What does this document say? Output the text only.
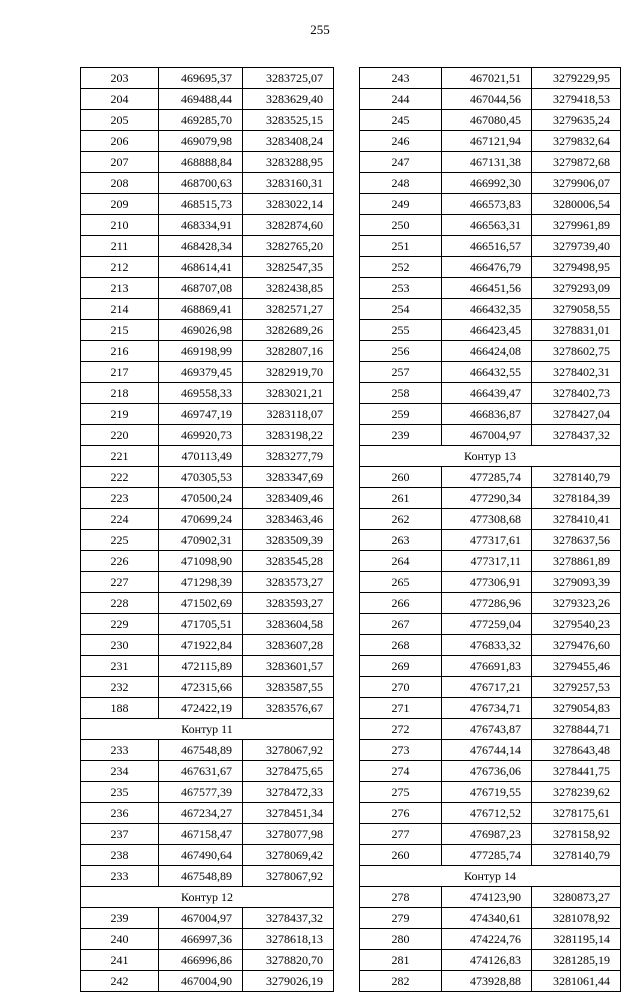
255
203	469695,37	3283725,07
204	469488,44	3283629,40
205	469285,70	3283525,15
206	469079,98	3283408,24
207	468888,84	3283288,95
208	468700,63	3283160,31
209	468515,73	3283022,14
210	468334,91	3282874,60
211	468428,34	3282765,20
212	468614,41	3282547,35
213	468707,08	3282438,85
214	468869,41	3282571,27
215	469026,98	3282689,26
216	469198,99	3282807,16
217	469379,45	3282919,70
218	469558,33	3283021,21
219	469747,19	3283118,07
220	469920,73	3283198,22
221	470113,49	3283277,79
222	470305,53	3283347,69
223	470500,24	3283409,46
224	470699,24	3283463,46
225	470902,31	3283509,39
226	471098,90	3283545,28
227	471298,39	3283573,27
228	471502,69	3283593,27
229	471705,51	3283604,58
230	471922,84	3283607,28
231	472115,89	3283601,57
232	472315,66	3283587,55
188	472422,19	3283576,67
Контур 11		
233	467548,89	3278067,92
234	467631,67	3278475,65
235	467577,39	3278472,33
236	467234,27	3278451,34
237	467158,47	3278077,98
238	467490,64	3278069,42
233	467548,89	3278067,92
Контур 12		
239	467004,97	3278437,32
240	466997,36	3278618,13
241	466996,86	3278820,70
242	467004,90	3279026,19
243	467021,51	3279229,95
244	467044,56	3279418,53
245	467080,45	3279635,24
246	467121,94	3279832,64
247	467131,38	3279872,68
248	466992,30	3279906,07
249	466573,83	3280006,54
250	466563,31	3279961,89
251	466516,57	3279739,40
252	466476,79	3279498,95
253	466451,56	3279293,09
254	466432,35	3279058,55
255	466423,45	3278831,01
256	466424,08	3278602,75
257	466432,55	3278402,31
258	466439,47	3278402,73
259	466836,87	3278427,04
239	467004,97	3278437,32
Контур 13		
260	477285,74	3278140,79
261	477290,34	3278184,39
262	477308,68	3278410,41
263	477317,61	3278637,56
264	477317,11	3278861,89
265	477306,91	3279093,39
266	477286,96	3279323,26
267	477259,04	3279540,23
268	476833,32	3279476,60
269	476691,83	3279455,46
270	476717,21	3279257,53
271	476734,71	3279054,83
272	476743,87	3278844,71
273	476744,14	3278643,48
274	476736,06	3278441,75
275	476719,55	3278239,62
276	476712,52	3278175,61
277	476987,23	3278158,92
260	477285,74	3278140,79
Контур 14		
278	474123,90	3280873,27
279	474340,61	3281078,92
280	474224,76	3281195,14
281	474126,83	3281285,19
282	473928,88	3281061,44
